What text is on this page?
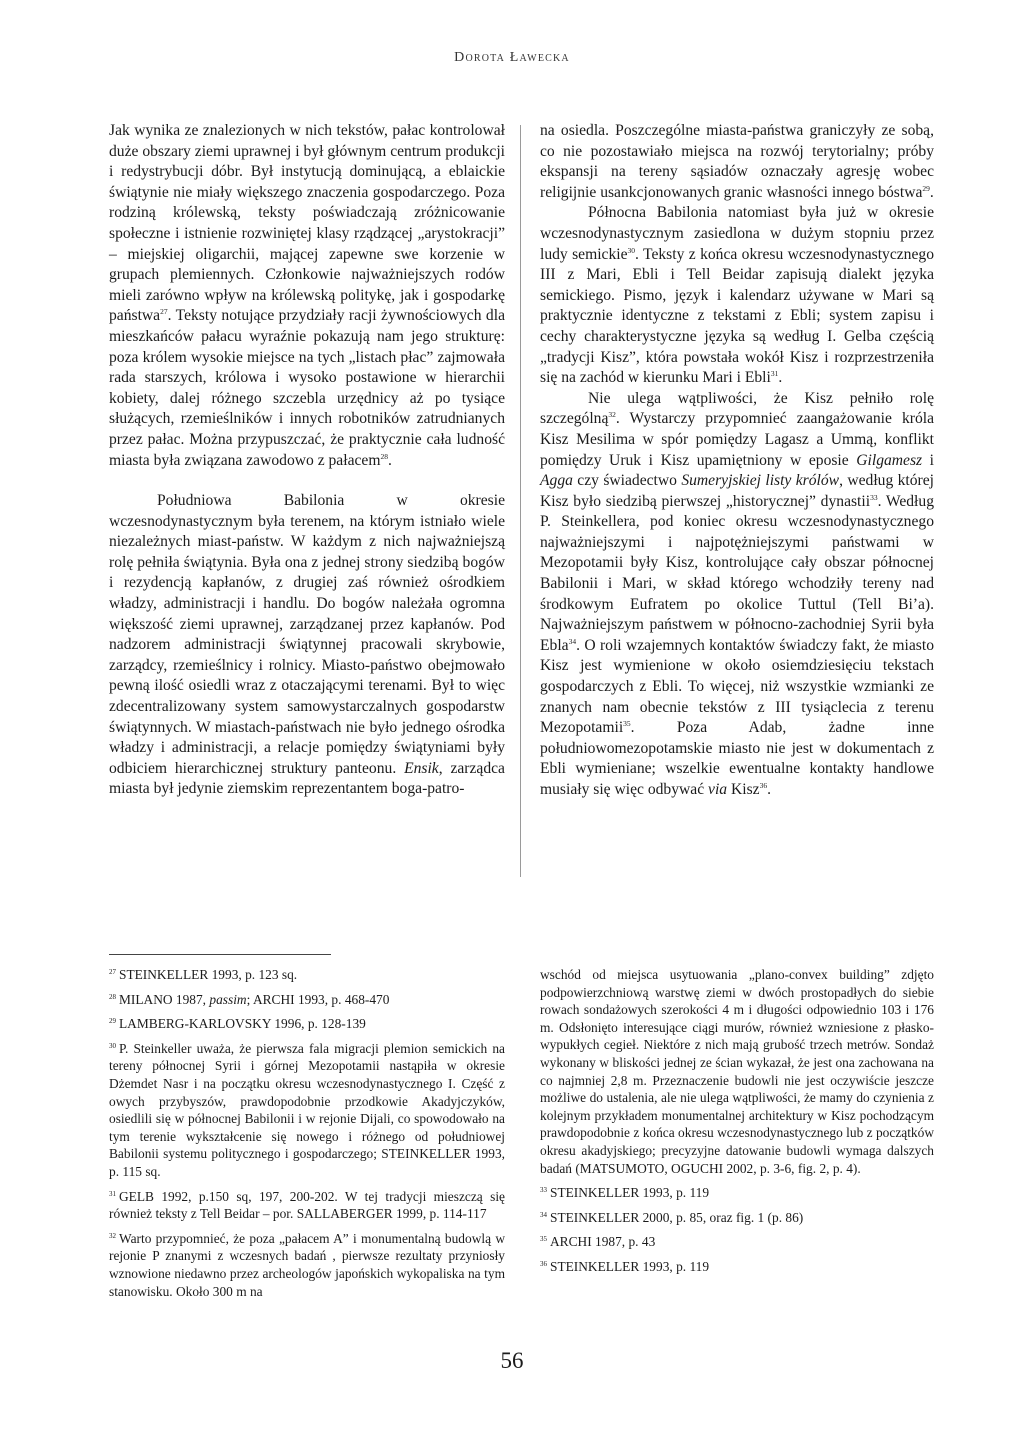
Dorota Ławecka

Jak wynika ze znalezionych w nich tekstów, pałac kontrolował duże obszary ziemi uprawnej i był głównym centrum produkcji i redystrybucji dóbr. Był instytucją dominującą, a eblaickie świątynie nie miały większego znaczenia gospodarczego. Poza rodziną królewską, teksty poświadczają zróżnicowanie społeczne i istnienie rozwiniętej klasy rządzącej „arystokracji” – miejskiej oligarchii, mającej zapewne swe korzenie w grupach plemiennych. Członkowie najważniejszych rodów mieli zarówno wpływ na królewską politykę, jak i gospodarkę państwa$^{27}$. Teksty notujące przydziały racji żywnościowych dla mieszkańców pałacu wyraźnie pokazują nam jego strukturę: poza królem wysokie miejsce na tych „listach płac” zajmowała rada starszych, królowa i wysoko postawione w hierarchii kobiety, dalej różnego szczebla urzędnicy aż po tysiące służących, rzemieślników i innych robotników zatrudnianych przez pałac. Można przypuszczać, że praktycznie cała ludność miasta była związana zawodowo z pałacem$^{28}$.

Południowa Babilonia w okresie wczesnodynastycznym była terenem, na którym istniało wiele niezależnych miast-państw. W każdym z nich najważniejszą rolę pełniła świątynia. Była ona z jednej strony siedzibą bogów i rezydencją kapłanów, z drugiej zaś również ośrodkiem władzy, administracji i handlu. Do bogów należała ogromna większość ziemi uprawnej, zarządzanej przez kapłanów. Pod nadzorem administracji świątynnej pracowali skrybowie, zarządcy, rzemieślnicy i rolnicy. Miasto-państwo obejmowało pewną ilość osiedli wraz z otaczającymi terenami. Był to więc zdecentralizowany system samowystarczalnych gospodarstw świątynnych. W miastach-państwach nie było jednego ośrodka władzy i administracji, a relacje pomiędzy świątyniami były odbiciem hierarchicznej struktury panteonu. Ensik, zarządca miasta był jedynie ziemskim reprezentantem boga-patro-

na osiedla. Poszczególne miasta-państwa graniczyły ze sobą, co nie pozostawiało miejsca na rozwój terytorialny; próby ekspansji na tereny sąsiadów oznaczały agresję wobec religijnie usankcjonowanych granic własności innego bóstwa$^{29}$.

Północna Babilonia natomiast była już w okresie wczesnodynastycznym zasiedlona w dużym stopniu przez ludy semickie$^{30}$. Teksty z końca okresu wczesnodynastycznego III z Mari, Ebli i Tell Beidar zapisują dialekt języka semickiego. Pismo, język i kalendarz używane w Mari są praktycznie identyczne z tekstami z Ebli; system zapisu i cechy charakterystyczne języka są według I. Gelba częścią „tradycji Kisz”, która powstała wokół Kisz i rozprzestrzeniła się na zachód w kierunku Mari i Ebli$^{31}$.

Nie ulega wątpliwości, że Kisz pełniło rolę szczególną$^{32}$. Wystarczy przypomnieć zaangażowanie króla Kisz Mesilima w spór pomiędzy Lagasz a Ummą, konflikt pomiędzy Uruk i Kisz upamiętniony w eposie Gilgamesz i Agga czy świadectwo Sumeryjskiej listy królów, według której Kisz było siedzibą pierwszej „historycznej” dynastii$^{33}$. Według P. Steinkellera, pod koniec okresu wczesnodynastycznego najważniejszymi i najpotężniejszymi państwami w Mezopotamii były Kisz, kontrolujące cały obszar północnej Babilonii i Mari, w skład którego wchodziły tereny nad środkowym Eufratem po okolice Tuttul (Tell Bi’a). Najważniejszym państwem w północno-zachodniej Syrii była Ebla$^{34}$. O roli wzajemnych kontaktów świadczy fakt, że miasto Kisz jest wymienione w około osiemdziesięciu tekstach gospodarczych z Ebli. To więcej, niż wszystkie wzmianki ze znanych nam obecnie tekstów z III tysiąclecia z terenu Mezopotamii$^{35}$. Poza Adab, żadne inne południowomezopotamskie miasto nie jest w dokumentach z Ebli wymieniane; wszelkie ewentualne kontakty handlowe musiały się więc odbywać via Kisz$^{36}$.

$^{27}$ STEINKELLER 1993, p. 123 sq.

$^{28}$ MILANO 1987, passim; ARCHI 1993, p. 468-470

$^{29}$ LAMBERG-KARLOVSKY 1996, p. 128-139

$^{30}$ P. Steinkeller uważa, że pierwsza fala migracji plemion semickich na tereny północnej Syrii i górnej Mezopotamii nastąpiła w okresie Dżemdet Nasr i na początku okresu wczesnodynastycznego I. Część z owych przybyszów, prawdopodobnie przodkowie Akadyjczyków, osiedlili się w północnej Babilonii i w rejonie Dijali, co spowodowało na tym terenie wykształcenie się nowego i różnego od południowej Babilonii systemu politycznego i gospodarczego; STEINKELLER 1993, p. 115 sq.

$^{31}$ GELB 1992, p.150 sq, 197, 200-202. W tej tradycji mieszczą się również teksty z Tell Beidar – por. SALLABERGER 1999, p. 114-117

$^{32}$ Warto przypomnieć, że poza „pałacem A” i monumentalną budowlą w rejonie P znanymi z wczesnych badań , pierwsze rezultaty przyniosły wznowione niedawno przez archeologów japońskich wykopaliska na tym stanowisku. Około 300 m na

wschód od miejsca usytuowania „plano-convex building” zdjęto podpowierzchniową warstwę ziemi w dwóch prostopadłych do siebie rowach sondażowych szerokości 4 m i długości odpowiednio 103 i 176 m. Odsłonięto interesujące ciągi murów, również wzniesione z płasko-wypukłych cegieł. Niektóre z nich mają grubość trzech metrów. Sondaż wykonany w bliskości jednej ze ścian wykazał, że jest ona zachowana na co najmniej 2,8 m. Przeznaczenie budowli nie jest oczywiście jeszcze możliwe do ustalenia, ale nie ulega wątpliwości, że mamy do czynienia z kolejnym przykładem monumentalnej architektury w Kisz pochodzącym prawdopodobnie z końca okresu wczesnodynastycznego lub z początków okresu akadyjskiego; precyzyjne datowanie budowli wymaga dalszych badań (MATSUMOTO, OGUCHI 2002, p. 3-6, fig. 2, p. 4).

$^{33}$ STEINKELLER 1993, p. 119

$^{34}$ STEINKELLER 2000, p. 85, oraz fig. 1 (p. 86)

$^{35}$ ARCHI 1987, p. 43

$^{36}$ STEINKELLER 1993, p. 119

56
